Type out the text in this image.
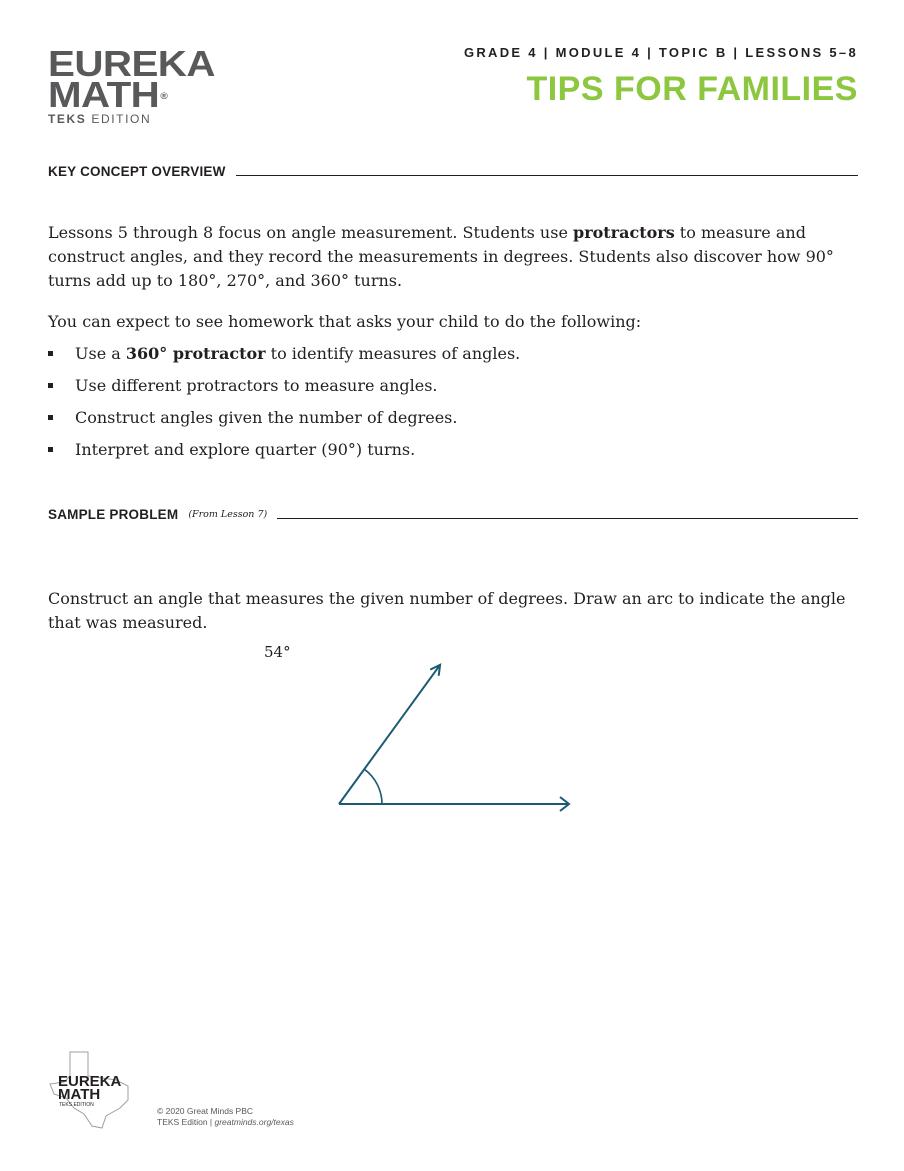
EUREKA
MATH®
TEKS EDITION
GRADE 4 | MODULE 4 | TOPIC B | LESSONS 5–8
TIPS FOR FAMILIES
KEY CONCEPT OVERVIEW
Lessons 5 through 8 focus on angle measurement. Students use protractors to measure and construct angles, and they record the measurements in degrees. Students also discover how 90° turns add up to 180°, 270°, and 360° turns.
You can expect to see homework that asks your child to do the following:
Use a 360° protractor to identify measures of angles.
Use different protractors to measure angles.
Construct angles given the number of degrees.
Interpret and explore quarter (90°) turns.
SAMPLE PROBLEM (From Lesson 7)
Construct an angle that measures the given number of degrees. Draw an arc to indicate the angle that was measured.
54°
EUREKA
MATH
TEKS EDITION
© 2020 Great Minds PBC
TEKS Edition | greatminds.org/texas
